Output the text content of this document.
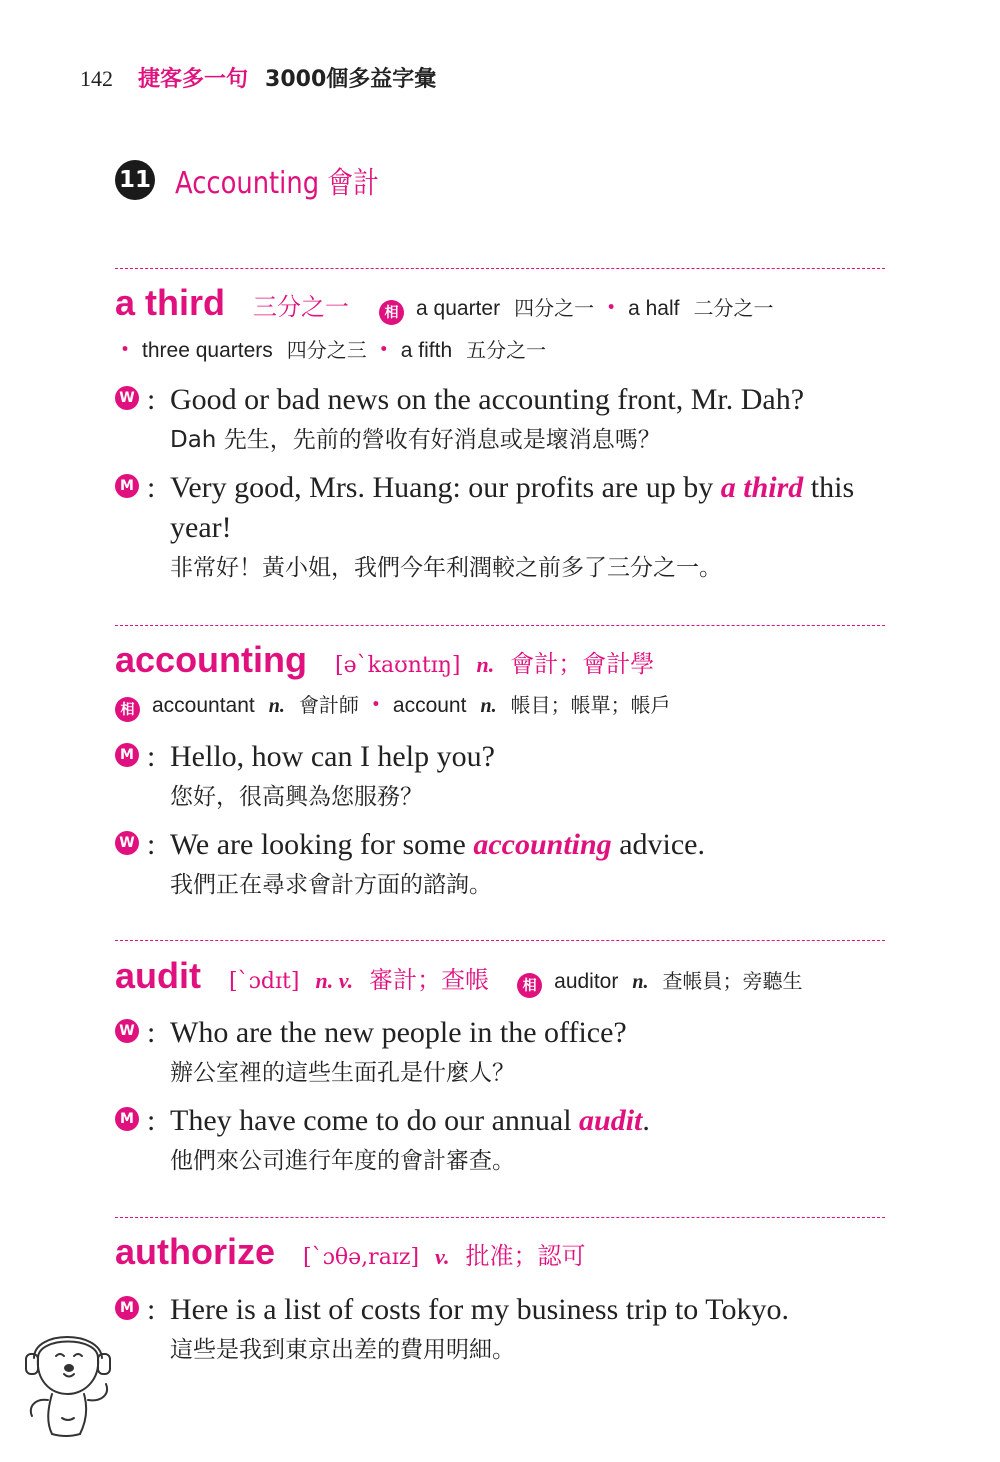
142 捷客多一句 3000個多益字彙
11 Accounting 會計
a third 三分之一	相 a quarter 四分之一 ・ a half 二分之一
・ three quarters 四分之三 ・ a fifth 五分之一
W : Good or bad news on the accounting front, Mr. Dah?
Dah 先生，先前的營收有好消息或是壞消息嗎？
M : Very good, Mrs. Huang: our profits are up by a third this year!
非常好！黃小姐，我們今年利潤較之前多了三分之一。
accounting [ə`kaʊntɪŋ] n. 會計；會計學
相 accountant n. 會計師 ・ account n. 帳目；帳單；帳戶
M : Hello, how can I help you?
您好，很高興為您服務？
W : We are looking for some accounting advice.
我們正在尋求會計方面的諮詢。
audit [`ɔdɪt] n. v. 審計；查帳	相 auditor n. 查帳員；旁聽生
W : Who are the new people in the office?
辦公室裡的這些生面孔是什麼人？
M : They have come to do our annual audit.
他們來公司進行年度的會計審查。
authorize [`ɔθə,raɪz] v. 批准；認可
M : Here is a list of costs for my business trip to Tokyo.
這些是我到東京出差的費用明細。
